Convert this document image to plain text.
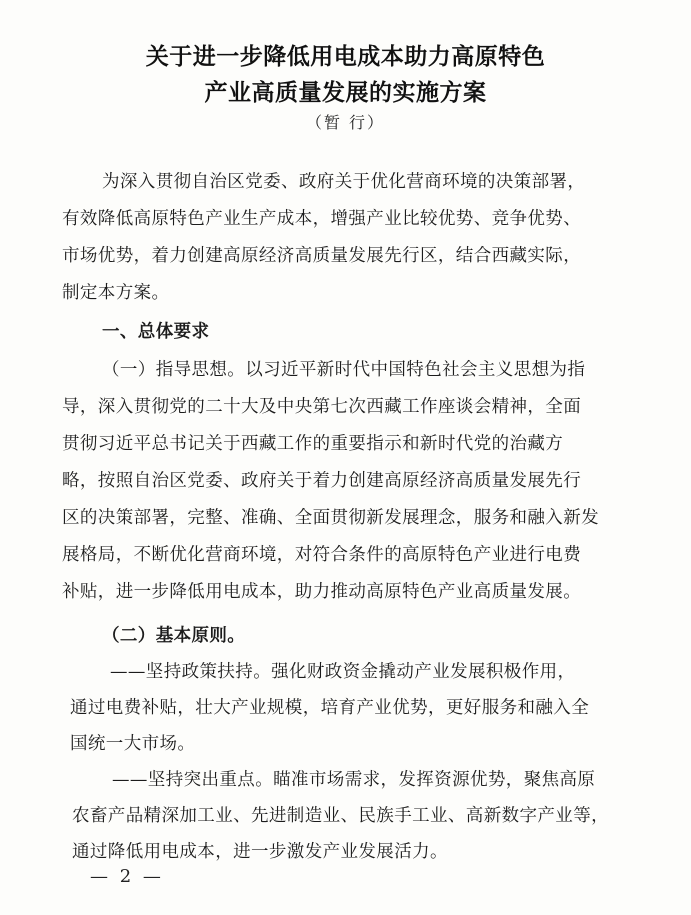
关于进一步降低用电成本助力高原特色
产业高质量发展的实施方案
（暂 行）
为深入贯彻自治区党委、政府关于优化营商环境的决策部署，
有效降低高原特色产业生产成本，增强产业比较优势、竞争优势、
市场优势，着力创建高原经济高质量发展先行区，结合西藏实际，
制定本方案。
一、总体要求
（一）指导思想。以习近平新时代中国特色社会主义思想为指
导，深入贯彻党的二十大及中央第七次西藏工作座谈会精神，全面
贯彻习近平总书记关于西藏工作的重要指示和新时代党的治藏方
略，按照自治区党委、政府关于着力创建高原经济高质量发展先行
区的决策部署，完整、准确、全面贯彻新发展理念，服务和融入新发
展格局，不断优化营商环境，对符合条件的高原特色产业进行电费
补贴，进一步降低用电成本，助力推动高原特色产业高质量发展。
（二）基本原则。
——坚持政策扶持。强化财政资金撬动产业发展积极作用，
通过电费补贴，壮大产业规模，培育产业优势，更好服务和融入全
国统一大市场。
——坚持突出重点。瞄准市场需求，发挥资源优势，聚焦高原
农畜产品精深加工业、先进制造业、民族手工业、高新数字产业等，
通过降低用电成本，进一步激发产业发展活力。
— 2 —
